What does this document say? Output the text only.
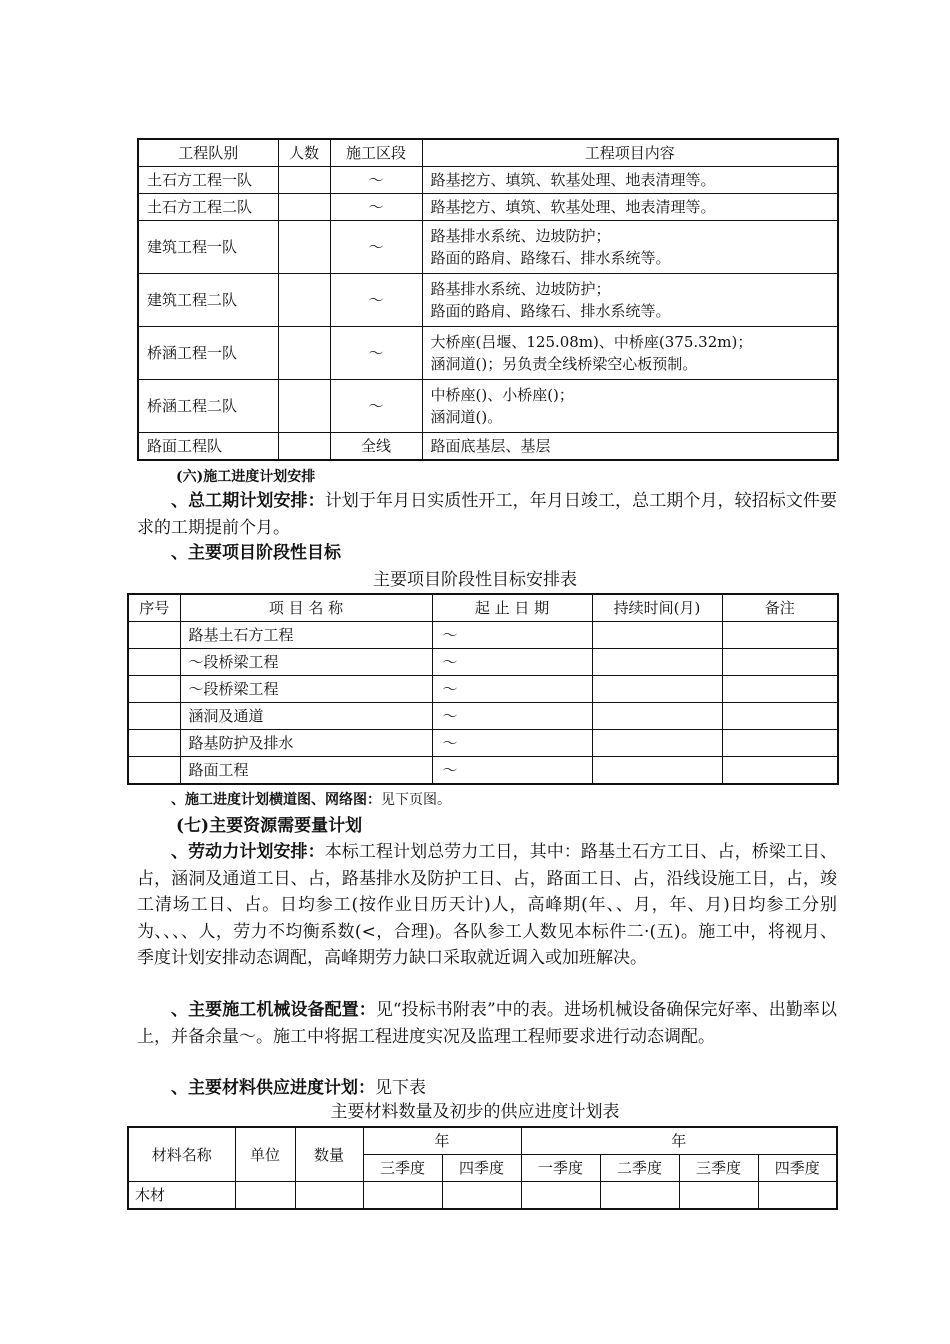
工程队别	人数	施工区段	工程项目内容
土石方工程一队		～	路基挖方、填筑、软基处理、地表清理等。

土石方工程二队		～	路基挖方、填筑、软基处理、地表清理等。

建筑工程一队		～	路基排水系统、边坡防护；
路面的路肩、路缘石、排水系统等。

建筑工程二队		～	路基排水系统、边坡防护；
路面的路肩、路缘石、排水系统等。

桥涵工程一队		～	大桥座(吕堰、125.08m)、中桥座(375.32m)；
涵洞道()；另负责全线桥梁空心板预制。

桥涵工程二队		～	中桥座()、小桥座()；
涵洞道()。

路面工程队		全线	路面底基层、基层
(六)施工进度计划安排
、总工期计划安排：计划于年月日实质性开工，年月日竣工，总工期个月，较招标文件要求的工期提前个月。
、主要项目阶段性目标
主要项目阶段性目标安排表
序号	项 目 名 称	起 止 日 期	持续时间(月)	备注
	路基土石方工程	～		
	～段桥梁工程	～		
	～段桥梁工程	～		
	涵洞及通道	～		
	路基防护及排水	～		
	路面工程	～		
、施工进度计划横道图、网络图：见下页图。
(七)主要资源需要量计划
、劳动力计划安排：本标工程计划总劳力工日，其中：路基土石方工日、占，桥梁工日、占，涵洞及通道工日、占，路基排水及防护工日、占，路面工日、占，沿线设施工日，占，竣工清场工日、占。日均参工(按作业日历天计)人，高峰期(年、、月，年、月)日均参工分别为、、、、人，劳力不均衡系数(<，合理)。各队参工人数见本标件二·(五)。施工中，将视月、季度计划安排动态调配，高峰期劳力缺口采取就近调入或加班解决。
、主要施工机械设备配置：见“投标书附表”中的表。进场机械设备确保完好率、出勤率以上，并备余量～。施工中将据工程进度实况及监理工程师要求进行动态调配。
、主要材料供应进度计划：见下表
主要材料数量及初步的供应进度计划表
材料名称	单位	数量	年		年			
			三季度	四季度	一季度	二季度	三季度	四季度
木材								
